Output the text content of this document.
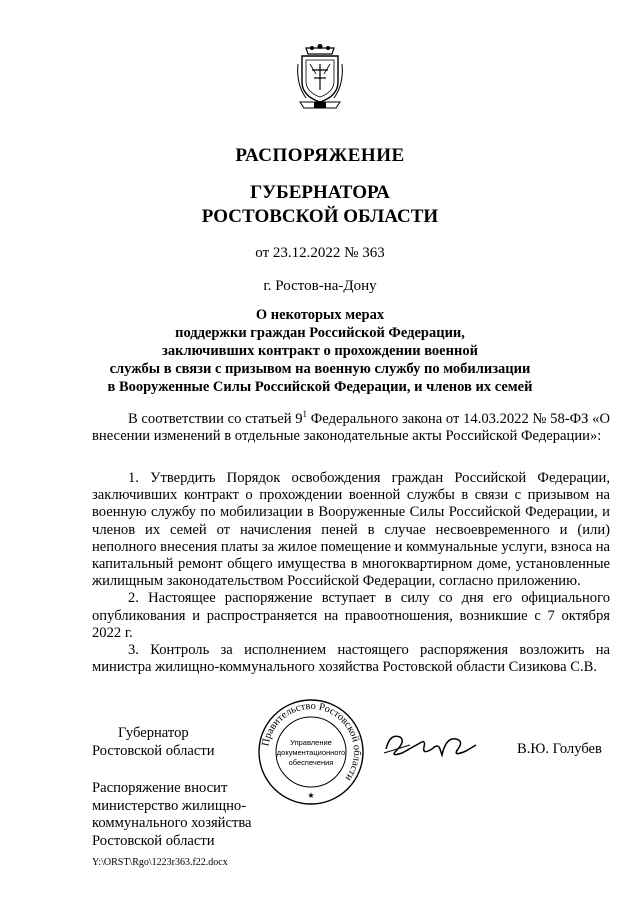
РАСПОРЯЖЕНИЕ
ГУБЕРНАТОРА
РОСТОВСКОЙ ОБЛАСТИ
от 23.12.2022 № 363
г. Ростов-на-Дону
О некоторых мерах
поддержки граждан Российской Федерации,
заключивших контракт о прохождении военной
службы в связи с призывом на военную службу по мобилизации
в Вооруженные Силы Российской Федерации, и членов их семей

В соответствии со статьей $9^1$ Федерального закона от 14.03.2022 № 58-ФЗ «О внесении изменений в отдельные законодательные акты Российской Федерации»:

1. Утвердить Порядок освобождения граждан Российской Федерации, заключивших контракт о прохождении военной службы в связи с призывом на военную службу по мобилизации в Вооруженные Силы Российской Федерации, и членов их семей от начисления пеней в случае несвоевременного и (или) неполного внесения платы за жилое помещение и коммунальные услуги, взноса на капитальный ремонт общего имущества в многоквартирном доме, установленные жилищным законодательством Российской Федерации, согласно приложению.

2. Настоящее распоряжение вступает в силу со дня его официального опубликования и распространяется на правоотношения, возникшие с 7 октября 2022 г.

3. Контроль за исполнением настоящего распоряжения возложить на министра жилищно-коммунального хозяйства Ростовской области Сизикова С.В.

Губернатор
Ростовской области
Правительство Ростовской области
Управление
документационного
обеспечения
★
В.Ю. Голубев
Распоряжение вносит
министерство жилищно-
коммунального хозяйства
Ростовской области
Y:\ORST\Rgo\1223r363.f22.docx
